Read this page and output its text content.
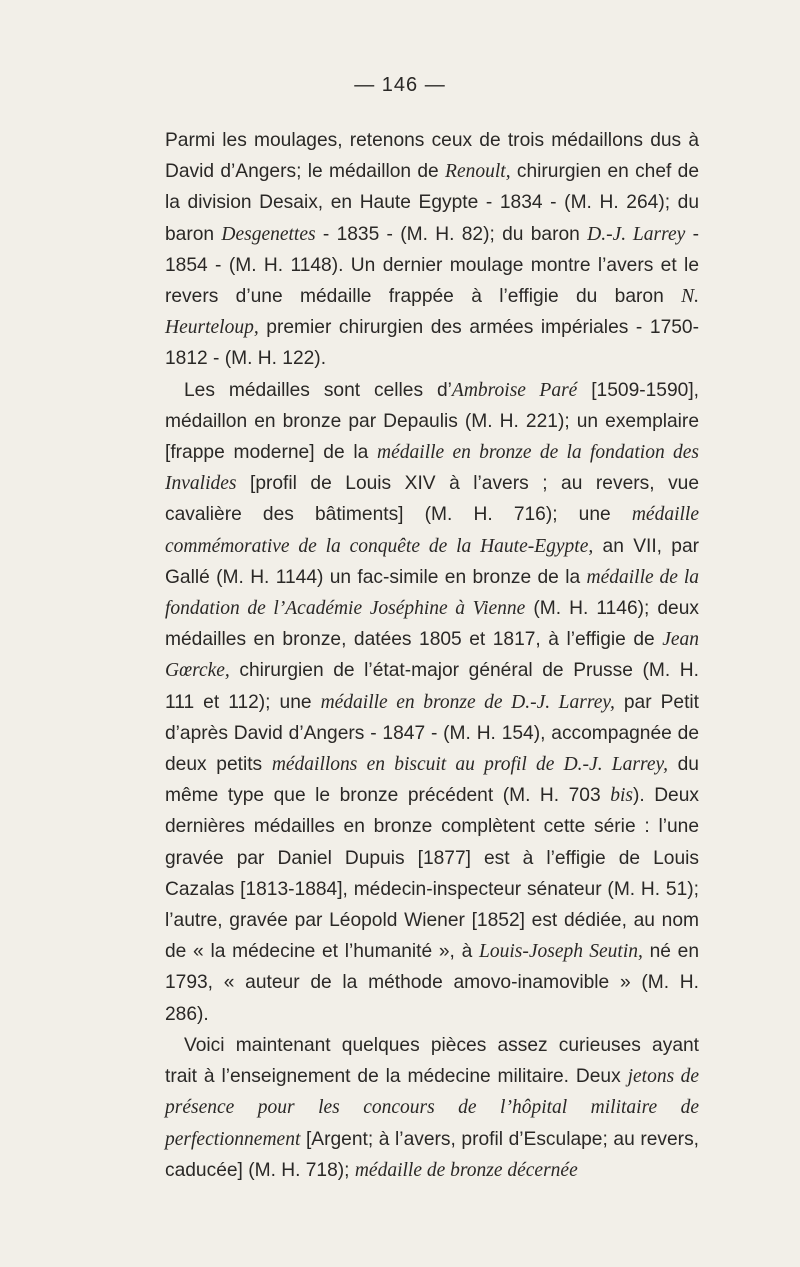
— 146 —

Parmi les moulages, retenons ceux de trois médaillons dus à David d’Angers; le médaillon de Renoult, chirurgien en chef de la division Desaix, en Haute Egypte - 1834 - (M. H. 264); du baron Desgenettes - 1835 - (M. H. 82); du baron D.-J. Larrey - 1854 - (M. H. 1148). Un dernier moulage montre l’avers et le revers d’une médaille frappée à l’effigie du baron N. Heurteloup, premier chirurgien des armées impériales - 1750-1812 - (M. H. 122).

Les médailles sont celles d’Ambroise Paré [1509-1590], médaillon en bronze par Depaulis (M. H. 221); un exemplaire [frappe moderne] de la médaille en bronze de la fondation des Invalides [profil de Louis XIV à l’avers ; au revers, vue cavalière des bâtiments] (M. H. 716); une médaille commémorative de la conquête de la Haute-Egypte, an VII, par Gallé (M. H. 1144) un fac-simile en bronze de la médaille de la fondation de l’Académie Joséphine à Vienne (M. H. 1146); deux médailles en bronze, datées 1805 et 1817, à l’effigie de Jean Gœrcke, chirurgien de l’état-major général de Prusse (M. H. 111 et 112); une médaille en bronze de D.-J. Larrey, par Petit d’après David d’Angers - 1847 - (M. H. 154), accompagnée de deux petits médaillons en biscuit au profil de D.-J. Larrey, du même type que le bronze précédent (M. H. 703 bis). Deux dernières médailles en bronze complètent cette série : l’une gravée par Daniel Dupuis [1877] est à l’effigie de Louis Cazalas [1813-1884], médecin-inspecteur sénateur (M. H. 51); l’autre, gravée par Léopold Wiener [1852] est dédiée, au nom de « la médecine et l’humanité », à Louis-Joseph Seutin, né en 1793, « auteur de la méthode amovo-inamovible » (M. H. 286).

Voici maintenant quelques pièces assez curieuses ayant trait à l’enseignement de la médecine militaire. Deux jetons de présence pour les concours de l’hôpital militaire de perfectionnement [Argent; à l’avers, profil d’Esculape; au revers, caducée] (M. H. 718); médaille de bronze décernée
